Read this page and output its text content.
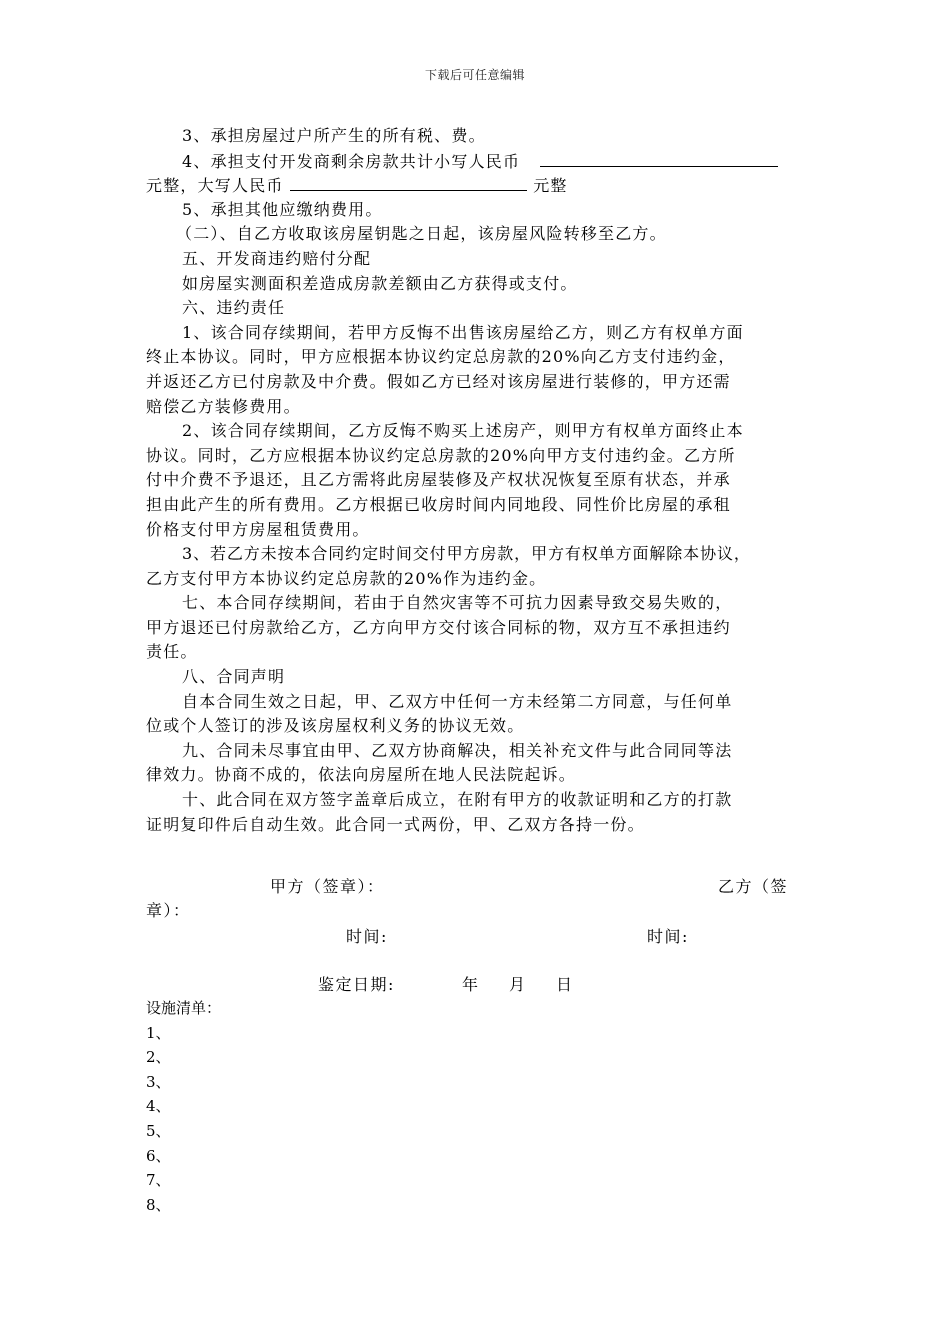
下载后可任意编辑
3、承担房屋过户所产生的所有税、费。
4、承担支付开发商剩余房款共计小写人民币
元整，大写人民币	元整
5、承担其他应缴纳费用。
（二）、自乙方收取该房屋钥匙之日起，该房屋风险转移至乙方。
五、开发商违约赔付分配
如房屋实测面积差造成房款差额由乙方获得或支付。
六、违约责任
1、该合同存续期间，若甲方反悔不出售该房屋给乙方，则乙方有权单方面
终止本协议。同时，甲方应根据本协议约定总房款的20%向乙方支付违约金，
并返还乙方已付房款及中介费。假如乙方已经对该房屋进行装修的，甲方还需
赔偿乙方装修费用。
2、该合同存续期间，乙方反悔不购买上述房产，则甲方有权单方面终止本
协议。同时，乙方应根据本协议约定总房款的20%向甲方支付违约金。乙方所
付中介费不予退还，且乙方需将此房屋装修及产权状况恢复至原有状态，并承
担由此产生的所有费用。乙方根据已收房时间内同地段、同性价比房屋的承租
价格支付甲方房屋租赁费用。
3、若乙方未按本合同约定时间交付甲方房款，甲方有权单方面解除本协议，
乙方支付甲方本协议约定总房款的20%作为违约金。
七、本合同存续期间，若由于自然灾害等不可抗力因素导致交易失败的，
甲方退还已付房款给乙方，乙方向甲方交付该合同标的物，双方互不承担违约
责任。
八、合同声明
自本合同生效之日起，甲、乙双方中任何一方未经第二方同意，与任何单
位或个人签订的涉及该房屋权利义务的协议无效。
九、合同未尽事宜由甲、乙双方协商解决，相关补充文件与此合同同等法
律效力。协商不成的，依法向房屋所在地人民法院起诉。
十、此合同在双方签字盖章后成立，在附有甲方的收款证明和乙方的打款
证明复印件后自动生效。此合同一式两份，甲、乙双方各持一份。
甲方（签章）：	乙方（签
章）：
时间:	时间:
鉴定日期:	年 月 日
设施清单：
1、
2、
3、
4、
5、
6、
7、
8、
